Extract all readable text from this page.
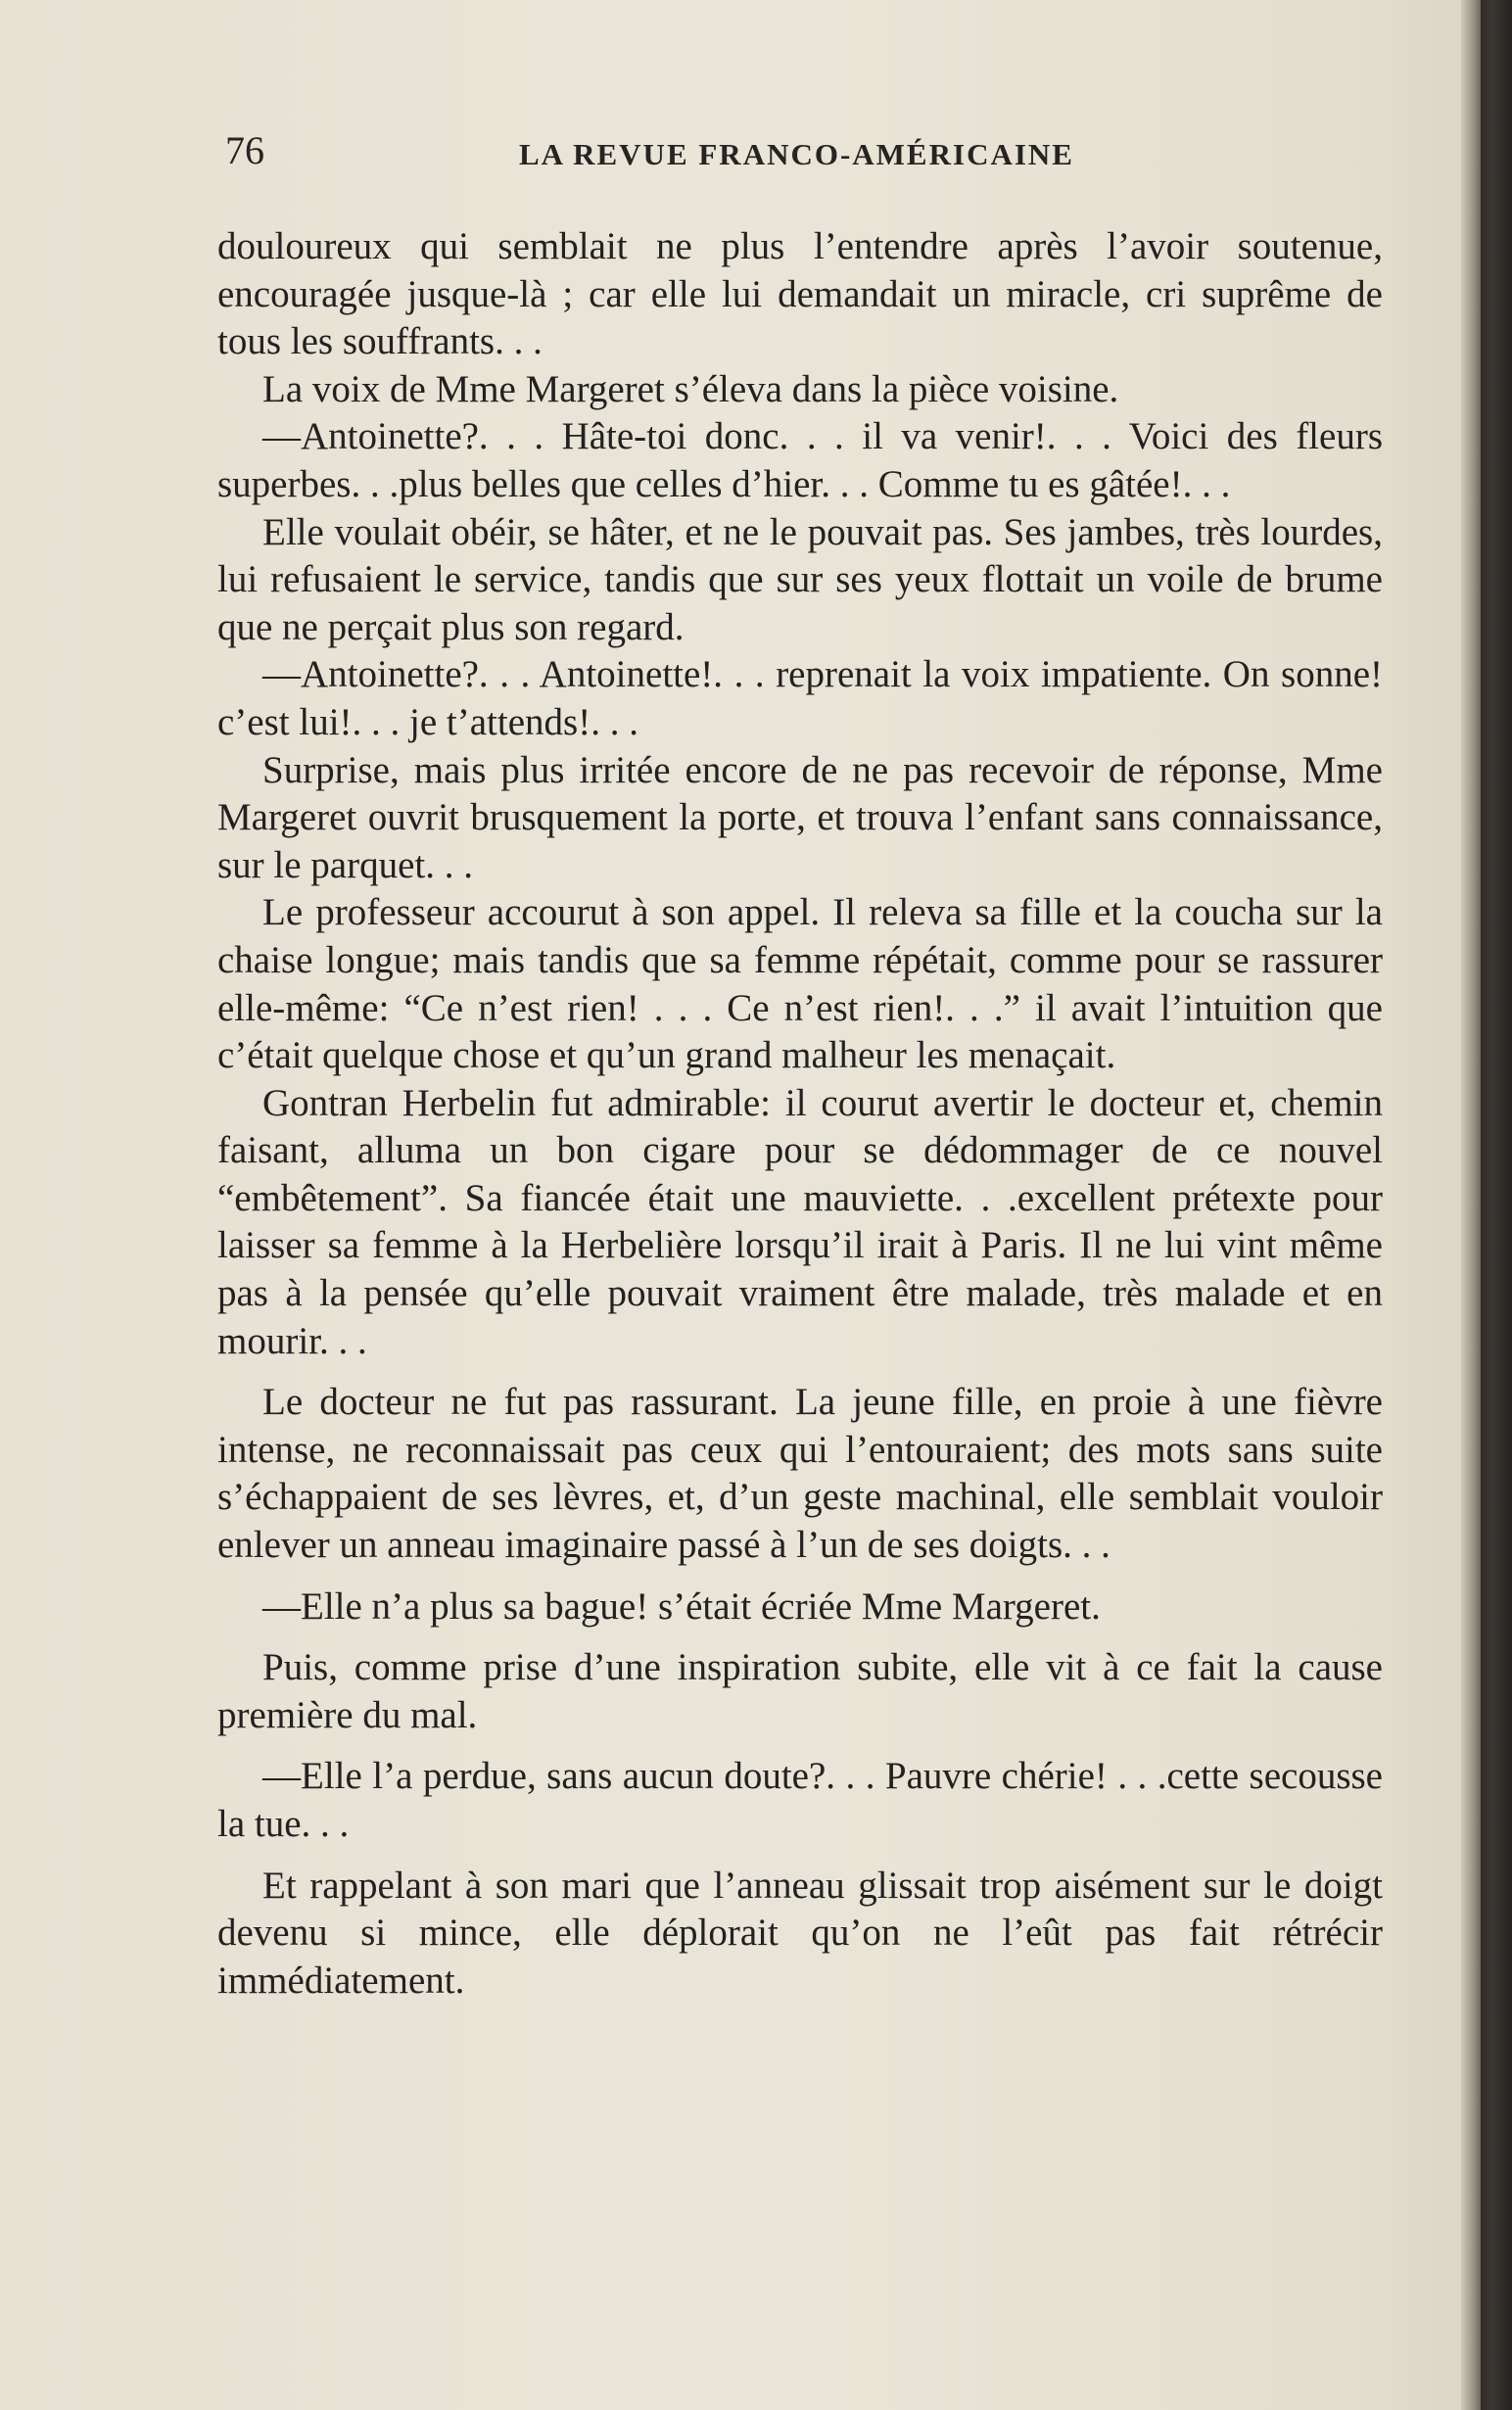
76	LA REVUE FRANCO-AMÉRICAINE

douloureux qui semblait ne plus l’entendre après l’avoir soutenue, encouragée jusque-là ; car elle lui demandait un miracle, cri suprême de tous les souffrants. . .

La voix de Mme Margeret s’éleva dans la pièce voisine.

—Antoinette?. . . Hâte-toi donc. . . il va venir!. . . Voici des fleurs superbes. . .plus belles que celles d’hier. . . Comme tu es gâtée!. . .

Elle voulait obéir, se hâter, et ne le pouvait pas. Ses jambes, très lourdes, lui refusaient le service, tandis que sur ses yeux flottait un voile de brume que ne perçait plus son regard.

—Antoinette?. . . Antoinette!. . . reprenait la voix impatiente. On sonne! c’est lui!. . . je t’attends!. . .

Surprise, mais plus irritée encore de ne pas recevoir de réponse, Mme Margeret ouvrit brusquement la porte, et trouva l’enfant sans connaissance, sur le parquet. . .

Le professeur accourut à son appel. Il releva sa fille et la coucha sur la chaise longue; mais tandis que sa femme répétait, comme pour se rassurer elle-même: “Ce n’est rien! . . . Ce n’est rien!. . .” il avait l’intuition que c’était quelque chose et qu’un grand malheur les menaçait.

Gontran Herbelin fut admirable: il courut avertir le docteur et, chemin faisant, alluma un bon cigare pour se dédommager de ce nouvel “embêtement”. Sa fiancée était une mauviette. . .excellent prétexte pour laisser sa femme à la Herbelière lorsqu’il irait à Paris. Il ne lui vint même pas à la pensée qu’elle pouvait vraiment être malade, très malade et en mourir. . .

Le docteur ne fut pas rassurant. La jeune fille, en proie à une fièvre intense, ne reconnaissait pas ceux qui l’entouraient; des mots sans suite s’échappaient de ses lèvres, et, d’un geste machinal, elle semblait vouloir enlever un anneau imaginaire passé à l’un de ses doigts. . .

—Elle n’a plus sa bague! s’était écriée Mme Margeret.

Puis, comme prise d’une inspiration subite, elle vit à ce fait la cause première du mal.

—Elle l’a perdue, sans aucun doute?. . . Pauvre chérie! . . .cette secousse la tue. . .

Et rappelant à son mari que l’anneau glissait trop aisément sur le doigt devenu si mince, elle déplorait qu’on ne l’eût pas fait rétrécir immédiatement.
